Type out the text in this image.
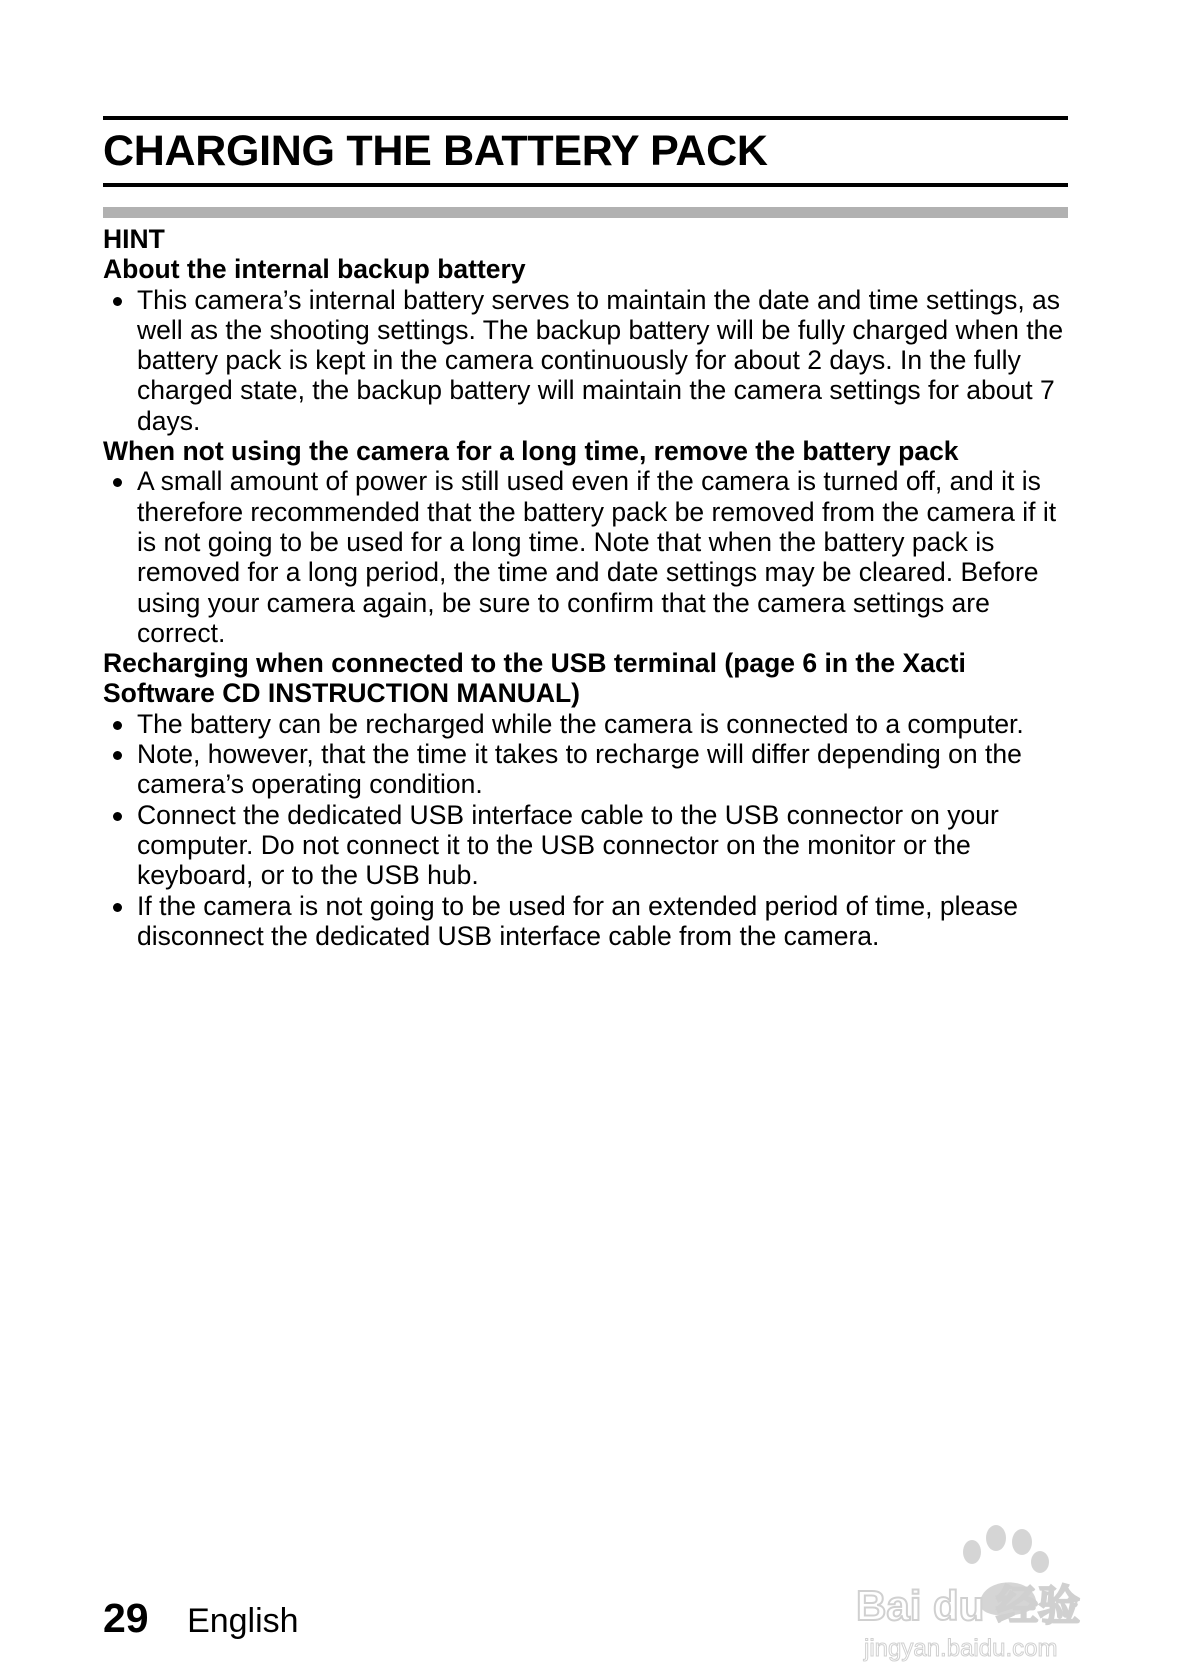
CHARGING THE BATTERY PACK

HINT

About the internal backup battery

This camera’s internal battery serves to maintain the date and time settings, as well as the shooting settings. The backup battery will be fully charged when the battery pack is kept in the camera continuously for about 2 days. In the fully charged state, the backup battery will maintain the camera settings for about 7 days.

When not using the camera for a long time, remove the battery pack

A small amount of power is still used even if the camera is turned off, and it is therefore recommended that the battery pack be removed from the camera if it is not going to be used for a long time. Note that when the battery pack is removed for a long period, the time and date settings may be cleared. Before using your camera again, be sure to confirm that the camera settings are correct.

Recharging when connected to the USB terminal (page 6 in the Xacti

Software CD INSTRUCTION MANUAL)

The battery can be recharged while the camera is connected to a computer.
Note, however, that the time it takes to recharge will differ depending on the camera’s operating condition.
Connect the dedicated USB interface cable to the USB connector on your computer. Do not connect it to the USB connector on the monitor or the keyboard, or to the USB hub.
If the camera is not going to be used for an extended period of time, please disconnect the dedicated USB interface cable from the camera.
29 English	Bai du 经验
jingyan.baidu.com
